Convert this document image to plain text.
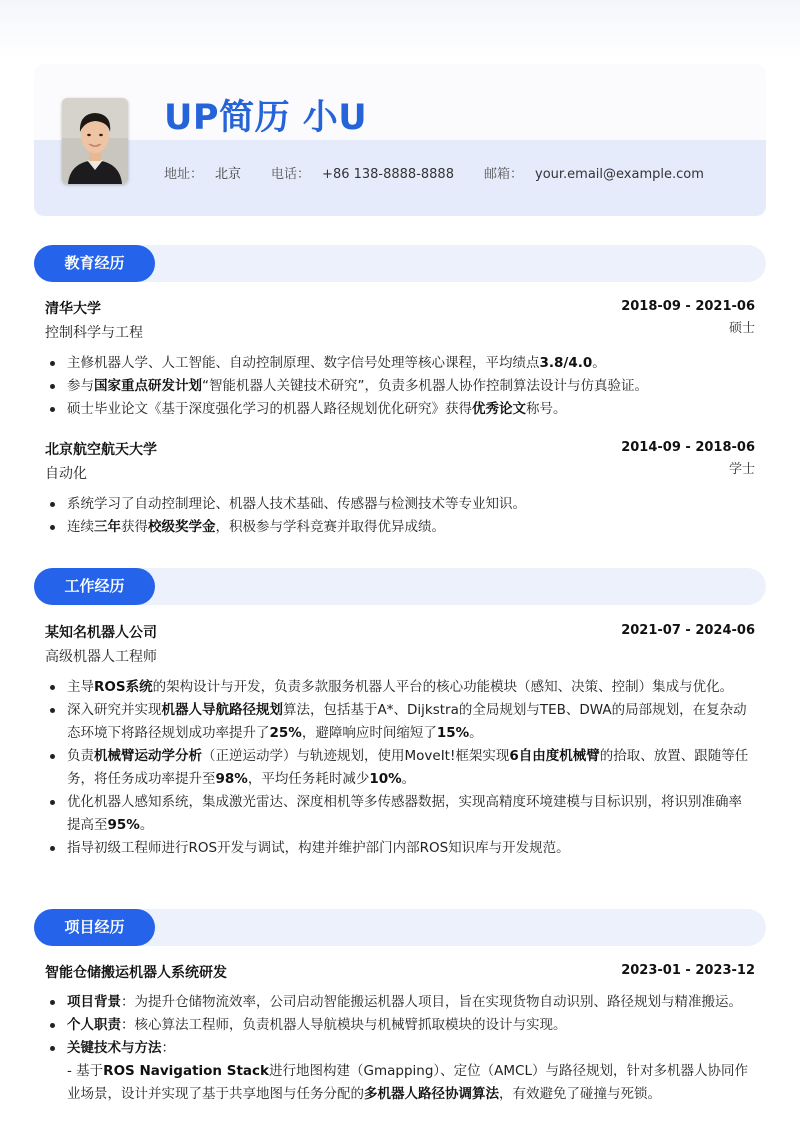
UP简历 小U
地址： 北京 电话： +86 138-8888-8888 邮箱： your.email@example.com
教育经历
清华大学	2018-09 - 2021-06
控制科学与工程	硕士
主修机器人学、人工智能、自动控制原理、数字信号处理等核心课程，平均绩点3.8/4.0。
参与国家重点研发计划“智能机器人关键技术研究”，负责多机器人协作控制算法设计与仿真验证。
硕士毕业论文《基于深度强化学习的机器人路径规划优化研究》获得优秀论文称号。
北京航空航天大学	2014-09 - 2018-06
自动化	学士
系统学习了自动控制理论、机器人技术基础、传感器与检测技术等专业知识。
连续三年获得校级奖学金，积极参与学科竞赛并取得优异成绩。
工作经历
某知名机器人公司	2021-07 - 2024-06
高级机器人工程师
主导ROS系统的架构设计与开发，负责多款服务机器人平台的核心功能模块（感知、决策、控制）集成与优化。
深入研究并实现机器人导航路径规划算法，包括基于A*、Dijkstra的全局规划与TEB、DWA的局部规划，在复杂动态环境下将路径规划成功率提升了25%，避障响应时间缩短了15%。
负责机械臂运动学分析（正逆运动学）与轨迹规划，使用MoveIt!框架实现6自由度机械臂的拾取、放置、跟随等任务，将任务成功率提升至98%，平均任务耗时减少10%。
优化机器人感知系统，集成激光雷达、深度相机等多传感器数据，实现高精度环境建模与目标识别，将识别准确率提高至95%。
指导初级工程师进行ROS开发与调试，构建并维护部门内部ROS知识库与开发规范。
项目经历
智能仓储搬运机器人系统研发	2023-01 - 2023-12
项目背景：为提升仓储物流效率，公司启动智能搬运机器人项目，旨在实现货物自动识别、路径规划与精准搬运。
个人职责：核心算法工程师，负责机器人导航模块与机械臂抓取模块的设计与实现。
关键技术与方法：
- 基于ROS Navigation Stack进行地图构建（Gmapping）、定位（AMCL）与路径规划，针对多机器人协同作业场景，设计并实现了基于共享地图与任务分配的多机器人路径协调算法，有效避免了碰撞与死锁。
